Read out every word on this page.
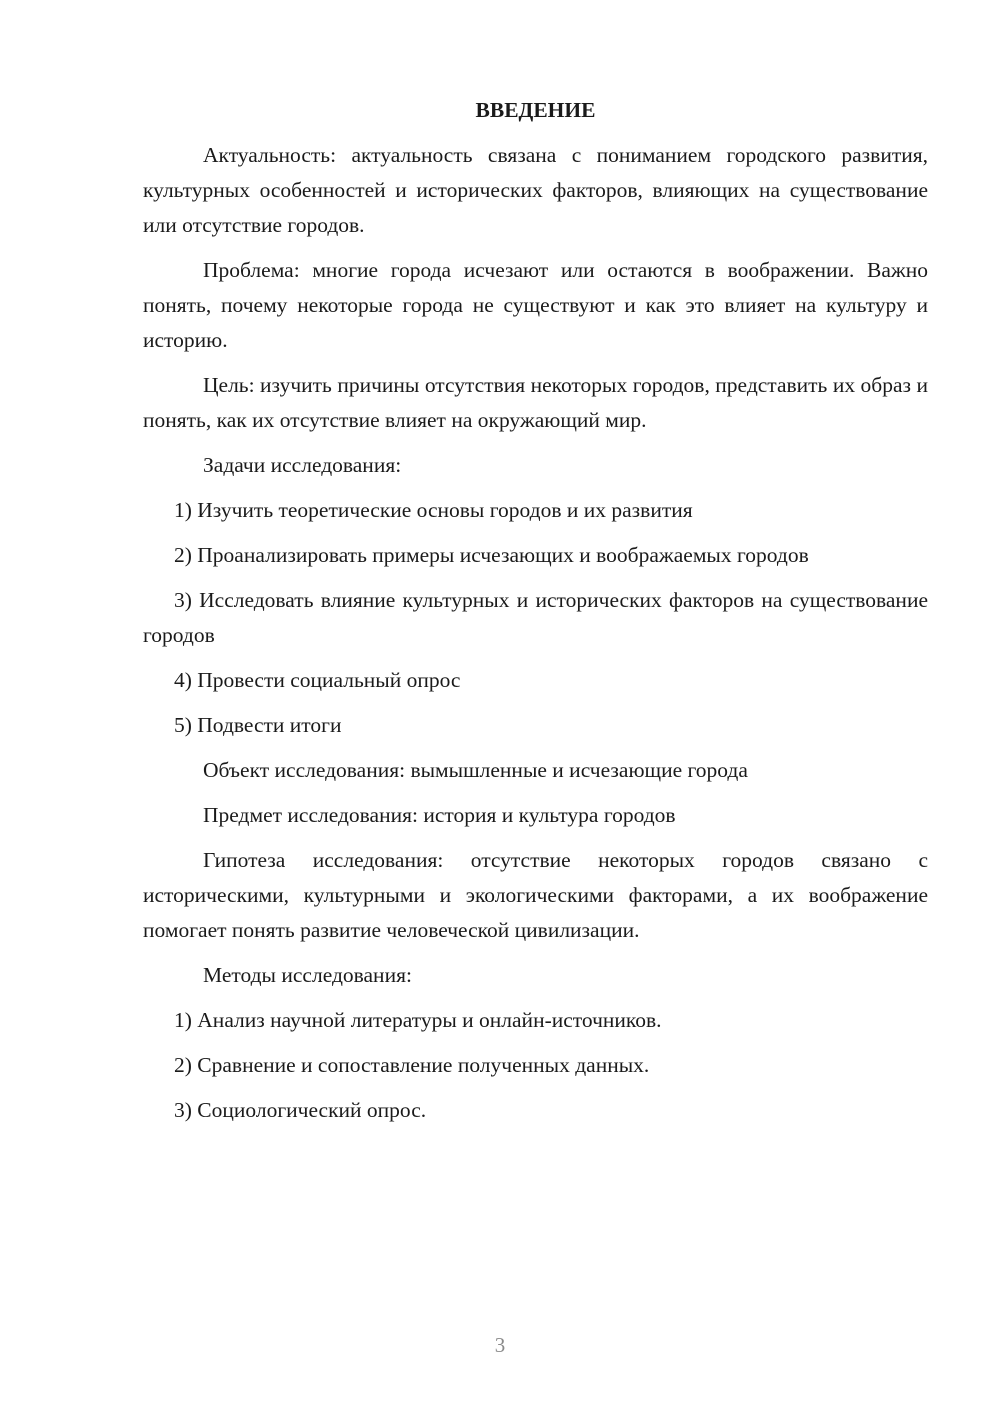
ВВЕДЕНИЕ
Актуальность: актуальность связана с пониманием городского развития, культурных особенностей и исторических факторов, влияющих на существование или отсутствие городов.
Проблема: многие города исчезают или остаются в воображении. Важно понять, почему некоторые города не существуют и как это влияет на культуру и историю.
Цель: изучить причины отсутствия некоторых городов, представить их образ и понять, как их отсутствие влияет на окружающий мир.
Задачи исследования:
1) Изучить теоретические основы городов и их развития
2) Проанализировать примеры исчезающих и воображаемых городов
3) Исследовать влияние культурных и исторических факторов на существование городов
4) Провести социальный опрос
5) Подвести итоги
Объект исследования: вымышленные и исчезающие города
Предмет исследования: история и культура городов
Гипотеза исследования: отсутствие некоторых городов связано с историческими, культурными и экологическими факторами, а их воображение помогает понять развитие человеческой цивилизации.
Методы исследования:
1) Анализ научной литературы и онлайн-источников.
2) Сравнение и сопоставление полученных данных.
3) Социологический опрос.
3
